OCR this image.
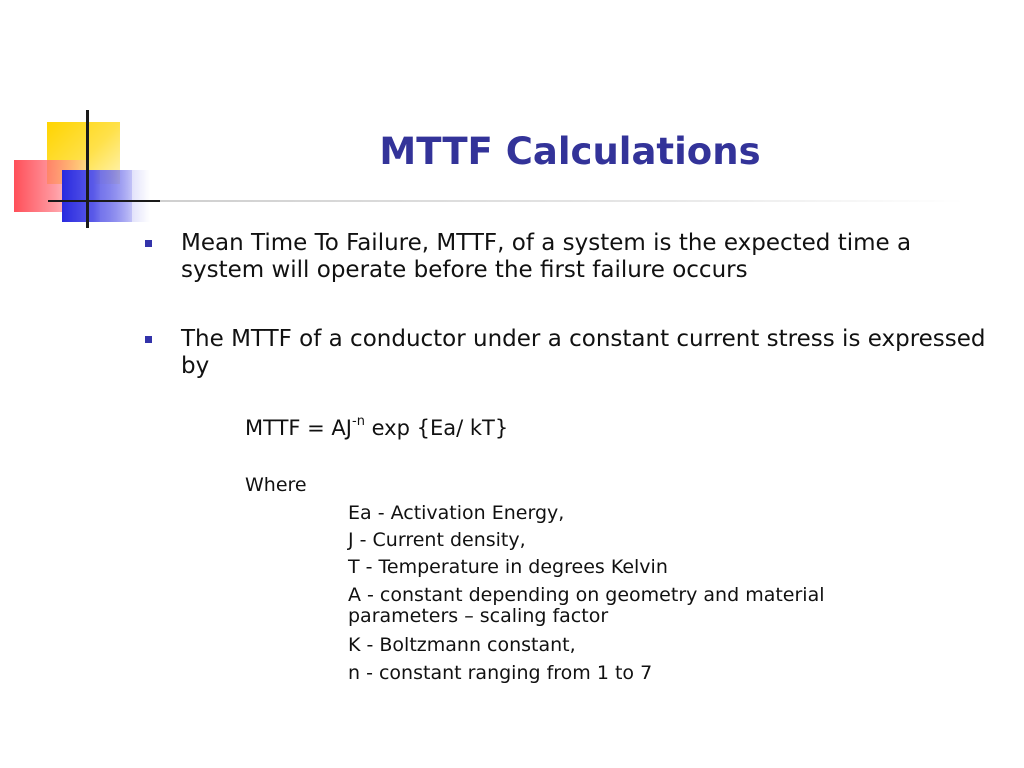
MTTF Calculations
Mean Time To Failure, MTTF, of a system is the expected time a system will operate before the first failure occurs
The MTTF of a conductor under a constant current stress is expressed by
MTTF = $AJ^{-n}$ exp {Ea/ kT}
Where
Ea - Activation Energy,
J - Current density,
T - Temperature in degrees Kelvin
A - constant depending on geometry and material parameters – scaling factor
K - Boltzmann constant,
n - constant ranging from 1 to 7
